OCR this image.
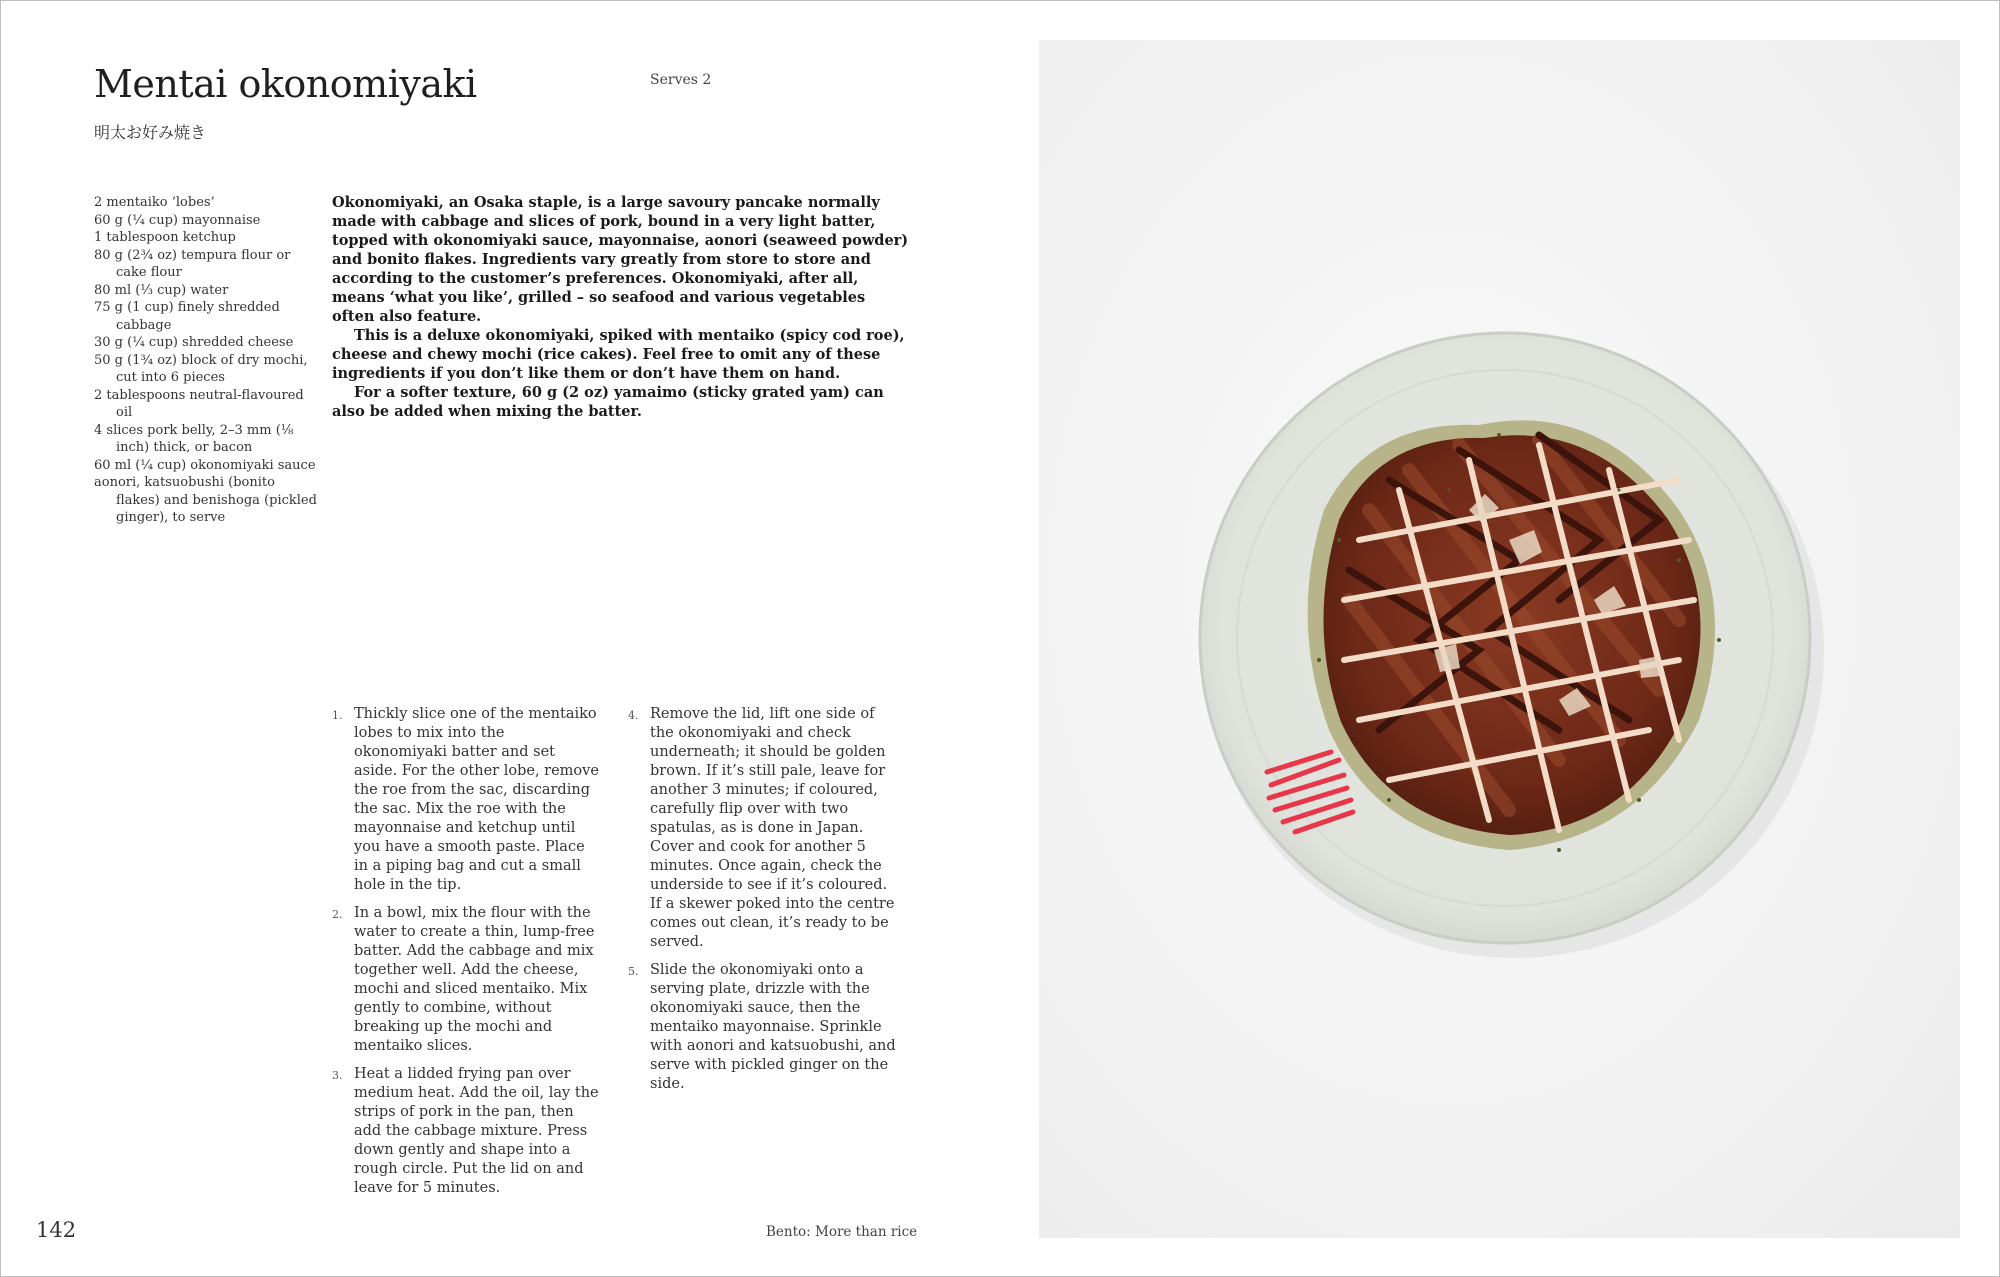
Mentai okonomiyaki
明太お好み焼き
Serves 2
2 mentaiko ‘lobes’
60 g (¼ cup) mayonnaise
1 tablespoon ketchup
80 g (2¾ oz) tempura flour or cake flour
80 ml (⅓ cup) water
75 g (1 cup) finely shredded cabbage
30 g (¼ cup) shredded cheese
50 g (1¾ oz) block of dry mochi, cut into 6 pieces
2 tablespoons neutral-flavoured oil
4 slices pork belly, 2–3 mm (⅛ inch) thick, or bacon
60 ml (¼ cup) okonomiyaki sauce
aonori, katsuobushi (bonito flakes) and benishoga (pickled ginger), to serve

Okonomiyaki, an Osaka staple, is a large savoury pancake normally made with cabbage and slices of pork, bound in a very light batter, topped with okonomiyaki sauce, mayonnaise, aonori (seaweed powder) and bonito flakes. Ingredients vary greatly from store to store and according to the customer’s preferences. Okonomiyaki, after all, means ‘what you like’, grilled – so seafood and various vegetables often also feature.

This is a deluxe okonomiyaki, spiked with mentaiko (spicy cod roe), cheese and chewy mochi (rice cakes). Feel free to omit any of these ingredients if you don’t like them or don’t have them on hand.

For a softer texture, 60 g (2 oz) yamaimo (sticky grated yam) can also be added when mixing the batter.

1. Thickly slice one of the mentaiko lobes to mix into the okonomiyaki batter and set aside. For the other lobe, remove the roe from the sac, discarding the sac. Mix the roe with the mayonnaise and ketchup until you have a smooth paste. Place in a piping bag and cut a small hole in the tip.
2. In a bowl, mix the flour with the water to create a thin, lump-free batter. Add the cabbage and mix together well. Add the cheese, mochi and sliced mentaiko. Mix gently to combine, without breaking up the mochi and mentaiko slices.
3. Heat a lidded frying pan over medium heat. Add the oil, lay the strips of pork in the pan, then add the cabbage mixture. Press down gently and shape into a rough circle. Put the lid on and leave for 5 minutes.
4. Remove the lid, lift one side of the okonomiyaki and check underneath; it should be golden brown. If it’s still pale, leave for another 3 minutes; if coloured, carefully flip over with two spatulas, as is done in Japan. Cover and cook for another 5 minutes. Once again, check the underside to see if it’s coloured. If a skewer poked into the centre comes out clean, it’s ready to be served.
5. Slide the okonomiyaki onto a serving plate, drizzle with the okonomiyaki sauce, then the mentaiko mayonnaise. Sprinkle with aonori and katsuobushi, and serve with pickled ginger on the side.
142	Bento: More than rice
